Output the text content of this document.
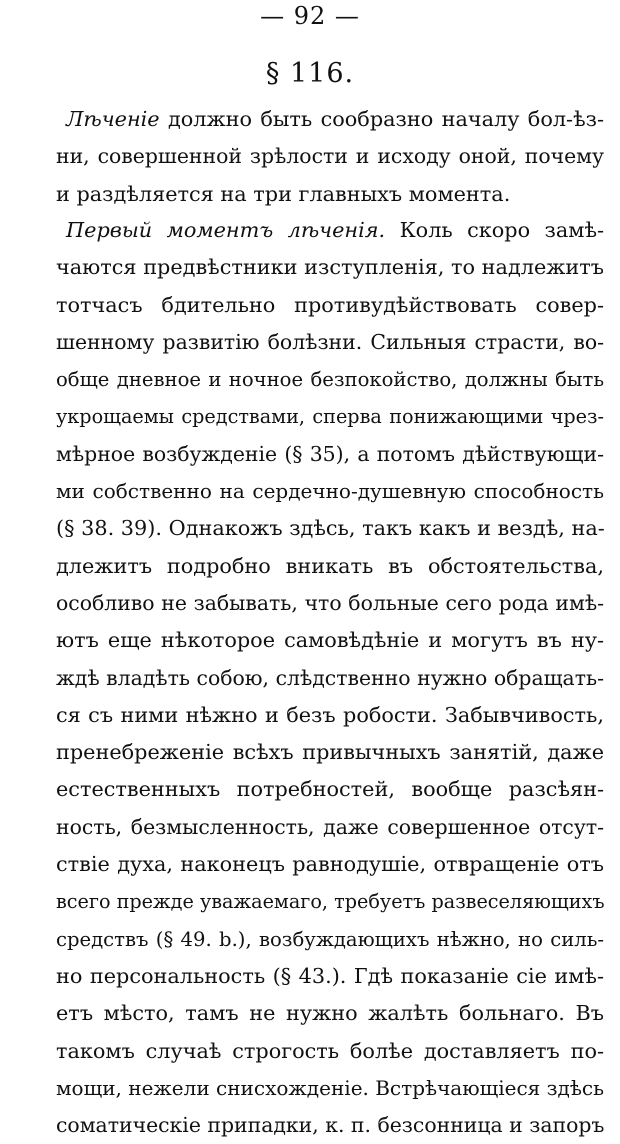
— 92 —
§ 116.
Лѣченіе должно быть сообразно началу бол-ѣз-
ни, совершенной зрѣлости и исходу оной, почему
и раздѣляется на три главныхъ момента.
Первый моментъ лѣченія. Коль скоро замѣ-
чаются предвѣстники изступленія, то надлежитъ
тотчасъ бдительно противудѣйствовать совер-
шенному развитію болѣзни. Сильныя страсти, во-
обще дневное и ночное безпокойство, должны быть
укрощаемы средствами, сперва понижающими чрез-
мѣрное возбужденіе (§ 35), а потомъ дѣйствующи-
ми собственно на сердечно-душевную способность
(§ 38. 39). Однакожъ здѣсь, такъ какъ и вездѣ, на-
длежитъ подробно вникать въ обстоятельства,
особливо не забывать, что больные сего рода имѣ-
ютъ еще нѣкоторое самовѣдѣніе и могутъ въ ну-
ждѣ владѣть собою, слѣдственно нужно обращать-
ся съ ними нѣжно и безъ робости. Забывчивость,
пренебреженіе всѣхъ привычныхъ занятій, даже
естественныхъ потребностей, вообще разсѣян-
ность, безмысленность, даже совершенное отсут-
ствіе духа, наконецъ равнодушіе, отвращеніе отъ
всего прежде уважаемаго, требуетъ развеселяющихъ
средствъ (§ 49. b.), возбуждающихъ нѣжно, но силь-
но персональность (§ 43.). Гдѣ показаніе сіе имѣ-
етъ мѣсто, тамъ не нужно жалѣть больнаго. Въ
такомъ случаѣ строгость болѣе доставляетъ по-
мощи, нежели снисхожденіе. Встрѣчающіеся здѣсь
соматическіе припадки, к. п. безсонница и запоръ
